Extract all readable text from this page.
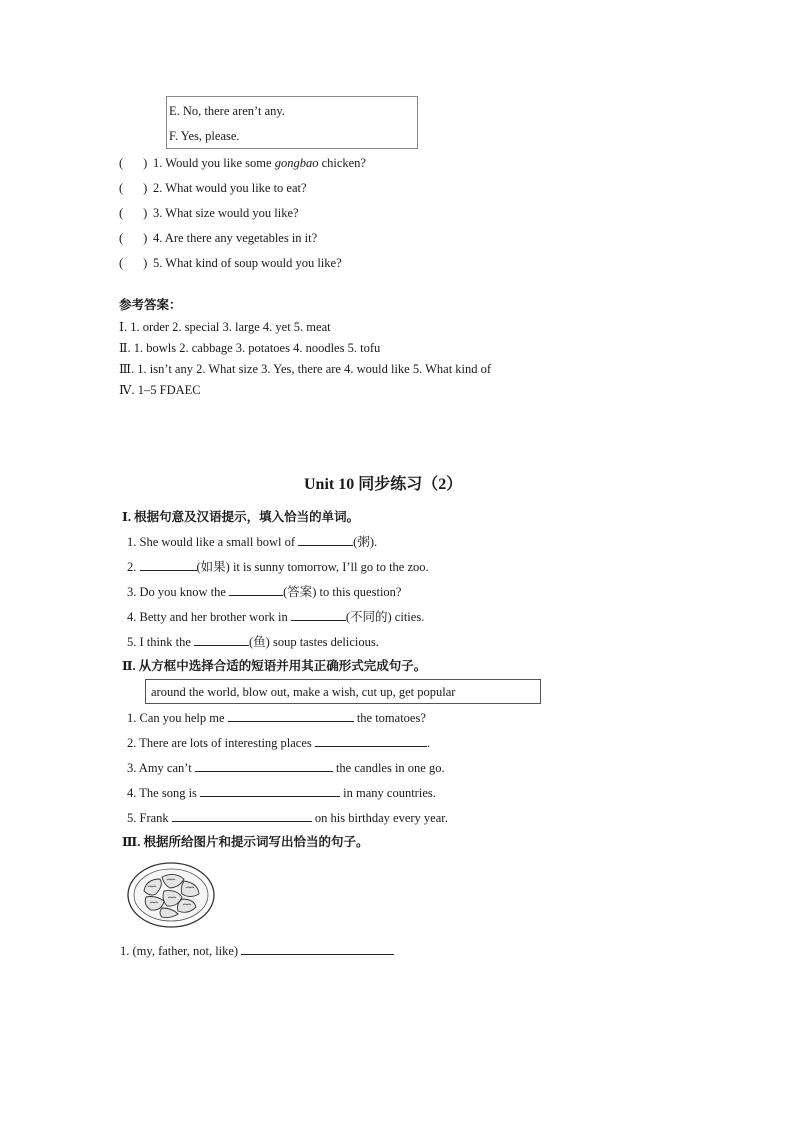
E. No, there aren’t any.
F. Yes, please.
( ) 1. Would you like some gongbao chicken?
( ) 2. What would you like to eat?
( ) 3. What size would you like?
( ) 4. Are there any vegetables in it?
( ) 5. What kind of soup would you like?
参考答案：
Ⅰ. 1. order 2. special 3. large 4. yet 5. meat
Ⅱ. 1. bowls 2. cabbage 3. potatoes 4. noodles 5. tofu
Ⅲ. 1. isn’t any 2. What size 3. Yes, there are 4. would like 5. What kind of
Ⅳ. 1–5 FDAEC
Unit 10 同步练习（2）
Ⅰ. 根据句意及汉语提示，填入恰当的单词。
1. She would like a small bowl of	(粥).
2.	(如果) it is sunny tomorrow, I’ll go to the zoo.
3. Do you know the	(答案) to this question?
4. Betty and her brother work in	(不同的) cities.
5. I think the	(鱼) soup tastes delicious.
Ⅱ. 从方框中选择合适的短语并用其正确形式完成句子。
around the world, blow out, make a wish, cut up, get popular
1. Can you help me	the tomatoes?
2. There are lots of interesting places	.
3. Amy can’t	the candles in one go.
4. The song is	in many countries.
5. Frank	on his birthday every year.
Ⅲ. 根据所给图片和提示词写出恰当的句子。
1. (my, father, not, like)
